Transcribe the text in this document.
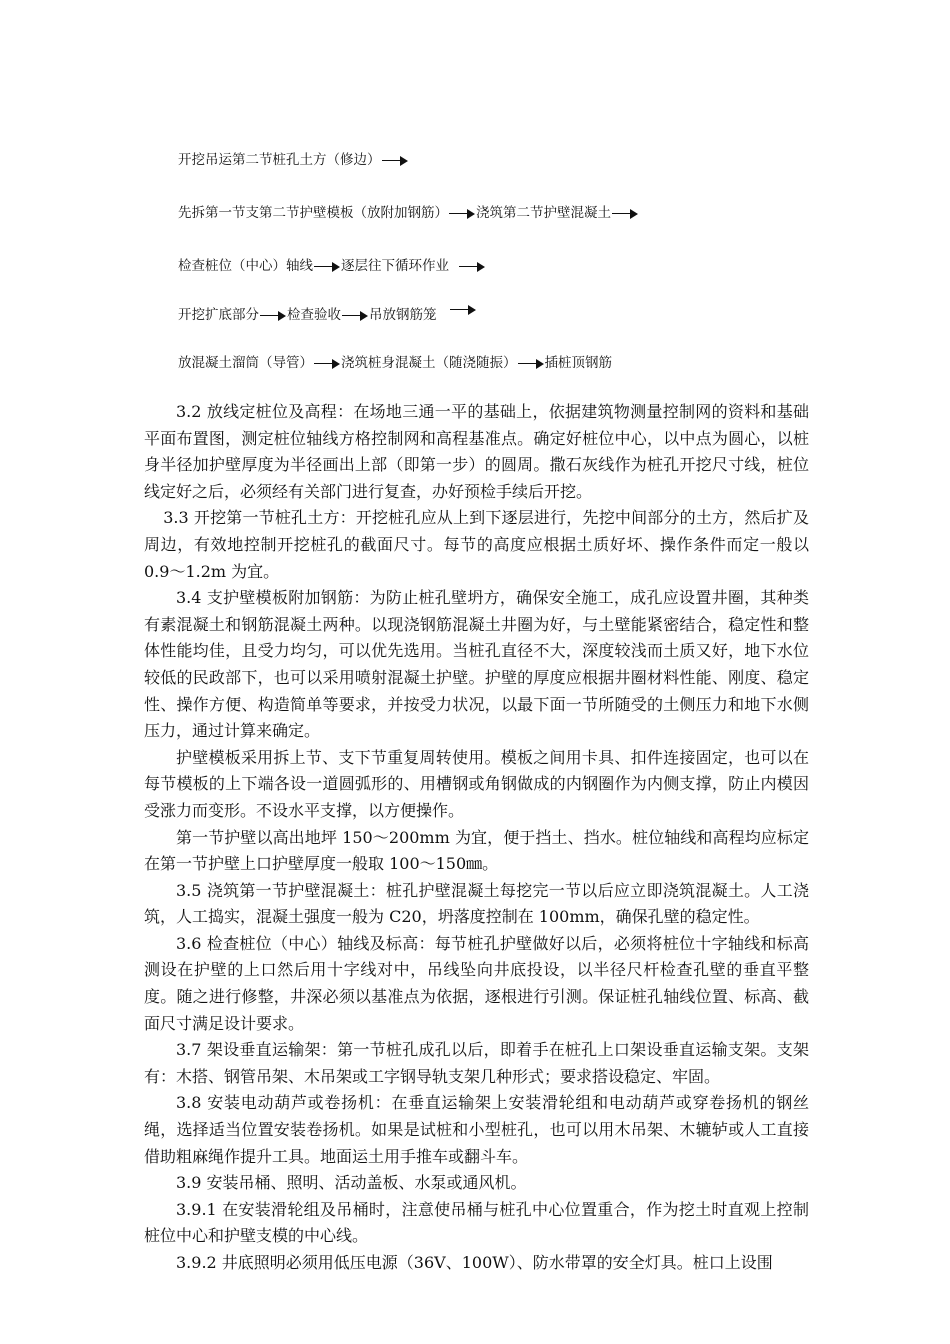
开挖吊运第二节桩孔土方（修边）
先拆第一节支第二节护壁模板（放附加钢筋） 浇筑第二节护壁混凝土
检查桩位（中心）轴线 逐层往下循环作业
开挖扩底部分 检查验收 吊放钢筋笼
放混凝土溜筒（导管） 浇筑桩身混凝土（随浇随振） 插桩顶钢筋

3.2 放线定桩位及高程：在场地三通一平的基础上，依据建筑物测量控制网的资料和基础平面布置图，测定桩位轴线方格控制网和高程基准点。确定好桩位中心，以中点为圆心，以桩身半径加护壁厚度为半径画出上部（即第一步）的圆周。撒石灰线作为桩孔开挖尺寸线，桩位线定好之后，必须经有关部门进行复查，办好预检手续后开挖。

3.3 开挖第一节桩孔土方：开挖桩孔应从上到下逐层进行，先挖中间部分的土方，然后扩及周边，有效地控制开挖桩孔的截面尺寸。每节的高度应根据土质好坏、操作条件而定一般以 0.9～1.2m 为宜。

3.4 支护壁模板附加钢筋：为防止桩孔壁坍方，确保安全施工，成孔应设置井圈，其种类有素混凝土和钢筋混凝土两种。以现浇钢筋混凝土井圈为好，与土壁能紧密结合，稳定性和整体性能均佳，且受力均匀，可以优先选用。当桩孔直径不大，深度较浅而土质又好，地下水位较低的民政部下，也可以采用喷射混凝土护壁。护壁的厚度应根据井圈材料性能、刚度、稳定性、操作方便、构造简单等要求，并按受力状况，以最下面一节所随受的土侧压力和地下水侧压力，通过计算来确定。

护壁模板采用拆上节、支下节重复周转使用。模板之间用卡具、扣件连接固定，也可以在每节模板的上下端各设一道圆弧形的、用槽钢或角钢做成的内钢圈作为内侧支撑，防止内模因受涨力而变形。不设水平支撑，以方便操作。

第一节护壁以高出地坪 150～200mm 为宜，便于挡土、挡水。桩位轴线和高程均应标定在第一节护壁上口护壁厚度一般取 100～150㎜。

3.5 浇筑第一节护壁混凝土：桩孔护壁混凝土每挖完一节以后应立即浇筑混凝土。人工浇筑，人工捣实，混凝土强度一般为 C20，坍落度控制在 100mm，确保孔壁的稳定性。

3.6 检查桩位（中心）轴线及标高：每节桩孔护壁做好以后，必须将桩位十字轴线和标高测设在护壁的上口然后用十字线对中，吊线坠向井底投设，以半径尺杆检查孔壁的垂直平整度。随之进行修整，井深必须以基准点为依据，逐根进行引测。保证桩孔轴线位置、标高、截面尺寸满足设计要求。

3.7 架设垂直运输架：第一节桩孔成孔以后，即着手在桩孔上口架设垂直运输支架。支架有：木搭、钢管吊架、木吊架或工字钢导轨支架几种形式；要求搭设稳定、牢固。

3.8 安装电动葫芦或卷扬机：在垂直运输架上安装滑轮组和电动葫芦或穿卷扬机的钢丝绳，选择适当位置安装卷扬机。如果是试桩和小型桩孔，也可以用木吊架、木辘轳或人工直接借助粗麻绳作提升工具。地面运土用手推车或翻斗车。

3.9 安装吊桶、照明、活动盖板、水泵或通风机。

3.9.1 在安装滑轮组及吊桶时，注意使吊桶与桩孔中心位置重合，作为挖土时直观上控制桩位中心和护壁支模的中心线。

3.9.2 井底照明必须用低压电源（36V、100W）、防水带罩的安全灯具。桩口上设围
